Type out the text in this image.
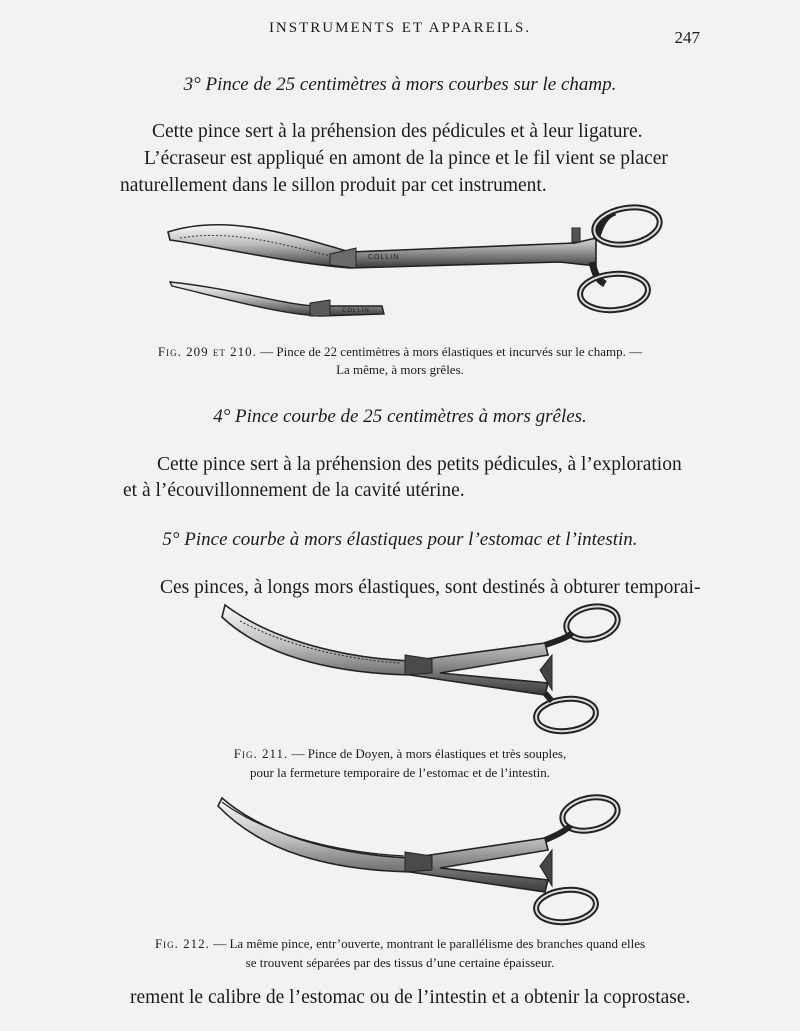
INSTRUMENTS ET APPAREILS.	247
3° Pince de 25 centimètres à mors courbes sur le champ.
Cette pince sert à la préhension des pédicules et à leur ligature.
L’écraseur est appliqué en amont de la pince et le fil vient se placer
naturellement dans le sillon produit par cet instrument.
COLLIN
COLLIN
Fig. 209 et 210. — Pince de 22 centimètres à mors élastiques et incurvés sur le champ. —
La même, à mors grêles.
4° Pince courbe de 25 centimètres à mors grêles.
Cette pince sert à la préhension des petits pédicules, à l’exploration
et à l’écouvillonnement de la cavité utérine.
5° Pince courbe à mors élastiques pour l’estomac et l’intestin.
Ces pinces, à longs mors élastiques, sont destinés à obturer temporai-
Fig. 211. — Pince de Doyen, à mors élastiques et très souples,
pour la fermeture temporaire de l’estomac et de l’intestin.
Fig. 212. — La même pince, entr’ouverte, montrant le parallélisme des branches quand elles
se trouvent séparées par des tissus d’une certaine épaisseur.
rement le calibre de l’estomac ou de l’intestin et a obtenir la coprostase.
